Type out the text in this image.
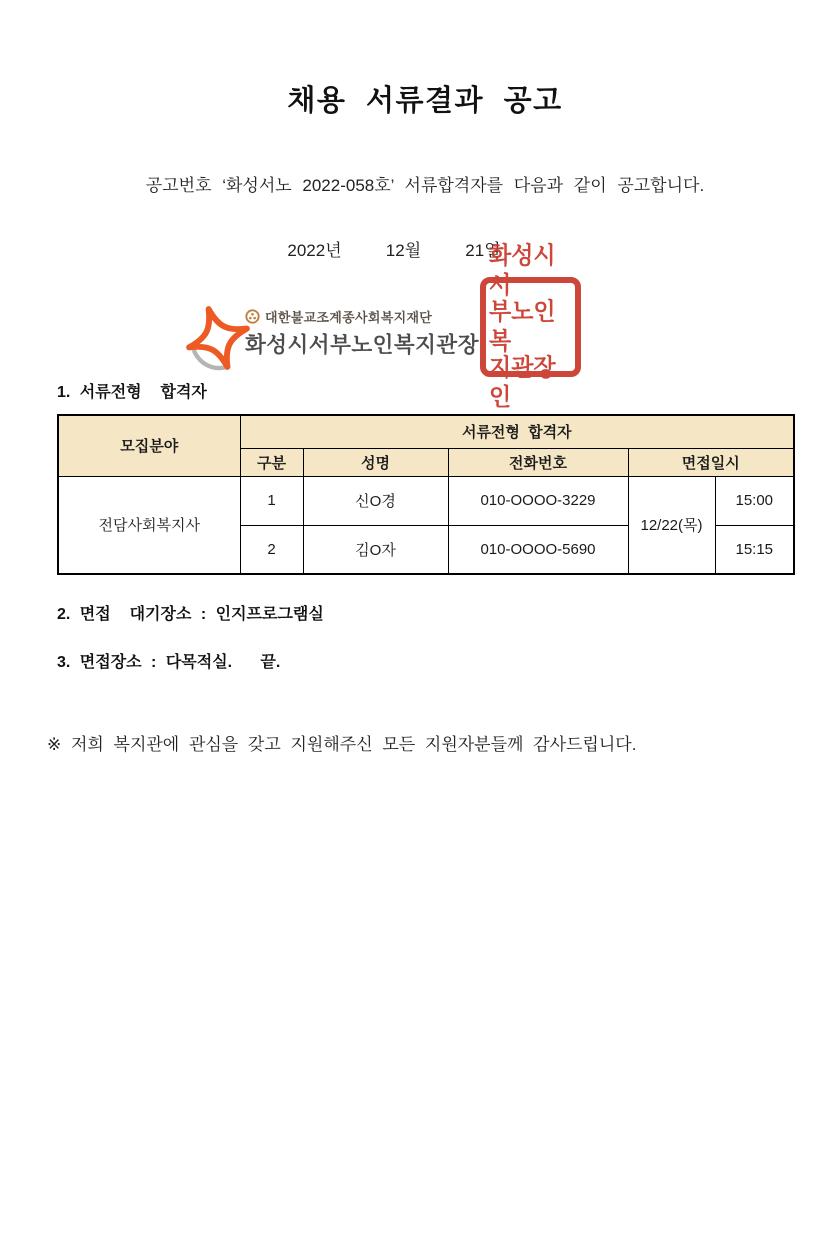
채용 서류결과 공고

공고번호 ‘화성서노 2022-058호’ 서류합격자를 다음과 같이 공고합니다.

2022년   12월   21일

대한불교조계종사회복지재단
화성시서부노인복지관장
화성시서
부노인복
지관장인

1. 서류전형  합격자

모집분야	서류전형 합격자				
	구분	성명	전화번호	면접일시	
전담사회복지사	1	신O경	010-OOOO-3229	12/22(목)	15:00
	2	김O자	010-OOOO-5690		15:15

2. 면접  대기장소 : 인지프로그램실

3. 면접장소 : 다목적실.   끝.

※ 저희 복지관에 관심을 갖고 지원해주신 모든 지원자분들께 감사드립니다.
